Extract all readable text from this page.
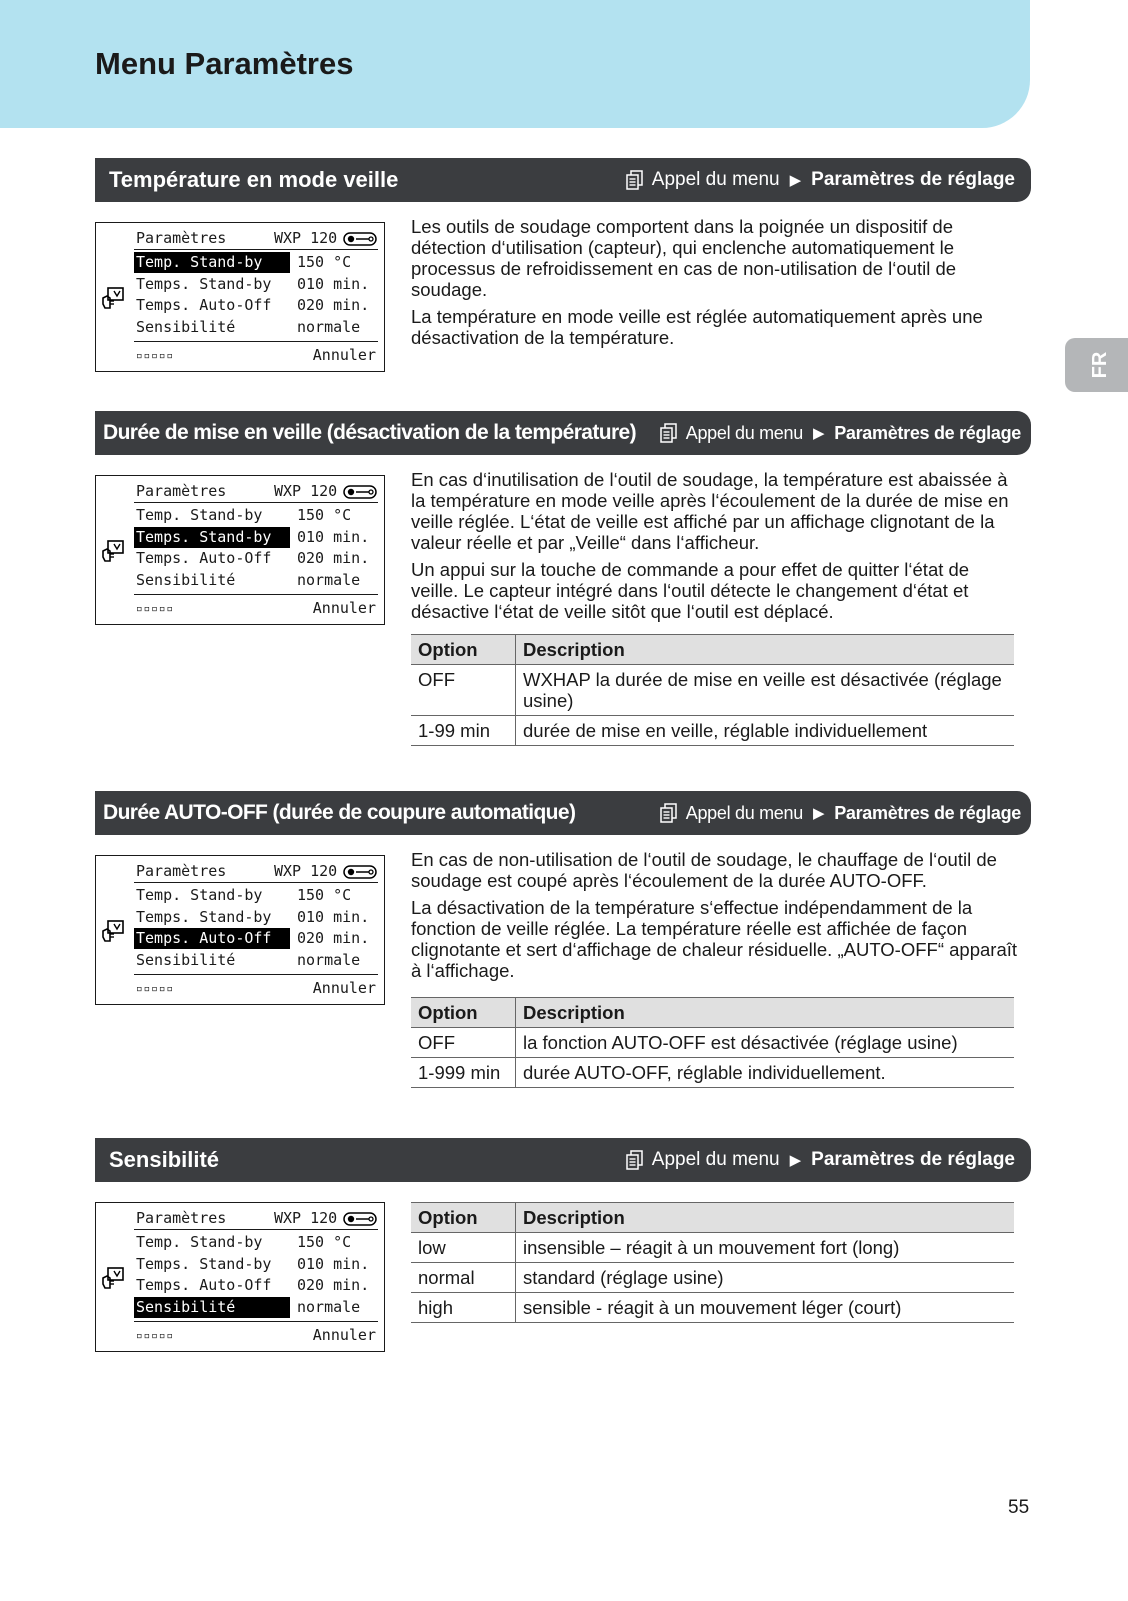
Menu Paramètres
FR
Température en mode veille	Appel du menu ▶ Paramètres de réglage
Paramètres	WXP 120
Temp. Stand-by	150 °C
Temps. Stand-by 010 min.
Temps. Auto-Off 020 min.
Sensibilité	normale
▫▫▫▫▫	Annuler

Les outils de soudage comportent dans la poignée un dispositif de détection d‘utilisation (capteur), qui enclenche automatiquement le processus de refroidissement en cas de non-utilisation de l‘outil de soudage.

La température en mode veille est réglée automatiquement après une désactivation de la température.

Durée de mise en veille (désactivation de la température)	Appel du menu ▶ Paramètres de réglage
Paramètres	WXP 120
Temp. Stand-by 150 °C
Temps. Stand-by	010 min.
Temps. Auto-Off 020 min.
Sensibilité	normale
▫▫▫▫▫	Annuler

En cas d‘inutilisation de l‘outil de soudage, la température est abaissée à la température en mode veille après l‘écoulement de la durée de mise en veille réglée. L‘état de veille est affiché par un affichage clignotant de la valeur réelle et par „Veille“ dans l‘afficheur.

Un appui sur la touche de commande a pour effet de quitter l‘état de veille. Le capteur intégré dans l‘outil détecte le changement d‘état et désactive l‘état de veille sitôt que l‘outil est déplacé.

Option	Description
OFF	WXHAP la durée de mise en veille est désactivée (réglage usine)
1-99 min	durée de mise en veille, réglable individuellement
Durée AUTO-OFF (durée de coupure automatique)	Appel du menu ▶ Paramètres de réglage
Paramètres	WXP 120
Temp. Stand-by 150 °C
Temps. Stand-by 010 min.
Temps. Auto-Off	020 min.
Sensibilité	normale
▫▫▫▫▫	Annuler

En cas de non-utilisation de l‘outil de soudage, le chauffage de l‘outil de soudage est coupé après l‘écoulement de la durée AUTO-OFF.

La désactivation de la température s‘effectue indépendamment de la fonction de veille réglée. La température réelle est affichée de façon clignotante et sert d‘affichage de chaleur résiduelle. „AUTO-OFF“ apparaît à l‘affichage.

Option	Description
OFF	la fonction AUTO-OFF est désactivée (réglage usine)
1-999 min	durée AUTO-OFF, réglable individuellement.
Sensibilité	Appel du menu ▶ Paramètres de réglage
Paramètres	WXP 120
Temp. Stand-by 150 °C
Temps. Stand-by 010 min.
Temps. Auto-Off 020 min.
Sensibilité	normale
▫▫▫▫▫	Annuler
Option	Description
low	insensible – réagit à un mouvement fort (long)
normal	standard (réglage usine)
high	sensible - réagit à un mouvement léger (court)
55
